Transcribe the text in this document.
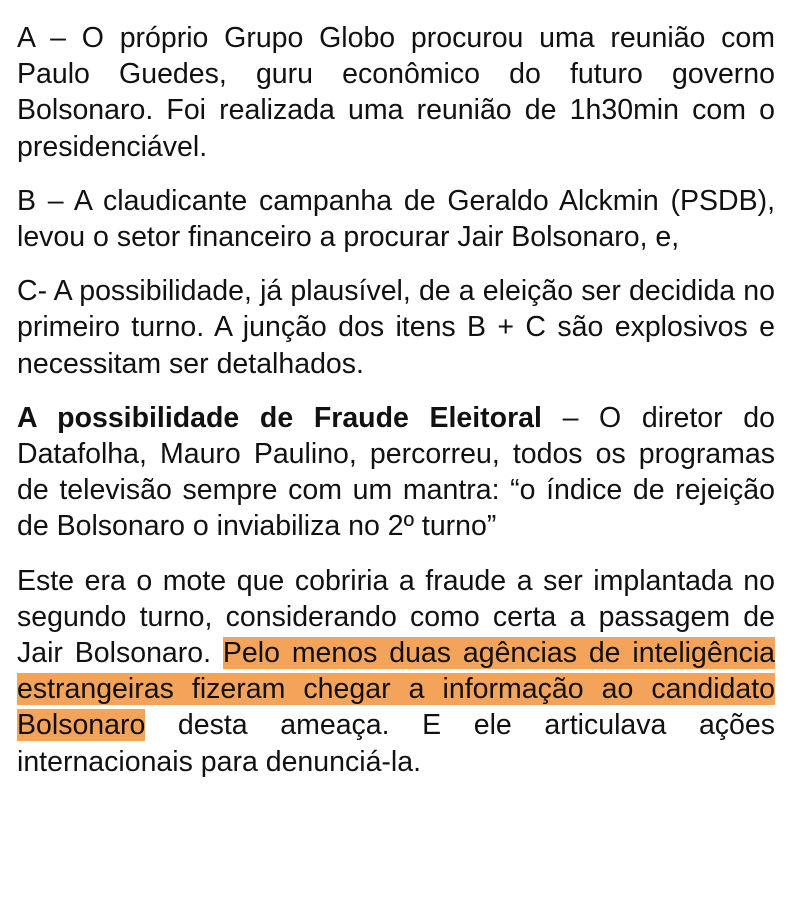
A – O próprio Grupo Globo procurou uma reunião com Paulo Guedes, guru econômico do futuro governo Bolsonaro. Foi realizada uma reunião de 1h30min com o presidenciável.

B – A claudicante campanha de Geraldo Alckmin (PSDB), levou o setor financeiro a procurar Jair Bolsonaro, e,

C- A possibilidade, já plausível, de a eleição ser decidida no primeiro turno. A junção dos itens B + C são explosivos e necessitam ser detalhados.

A possibilidade de Fraude Eleitoral – O diretor do Datafolha, Mauro Paulino, percorreu, todos os programas de televisão sempre com um mantra: “o índice de rejeição de Bolsonaro o inviabiliza no 2º turno”

Este era o mote que cobriria a fraude a ser implantada no segundo turno, considerando como certa a passagem de Jair Bolsonaro. Pelo menos duas agências de inteligência estrangeiras fizeram chegar a informação ao candidato Bolsonaro desta ameaça. E ele articulava ações internacionais para denunciá-la.
